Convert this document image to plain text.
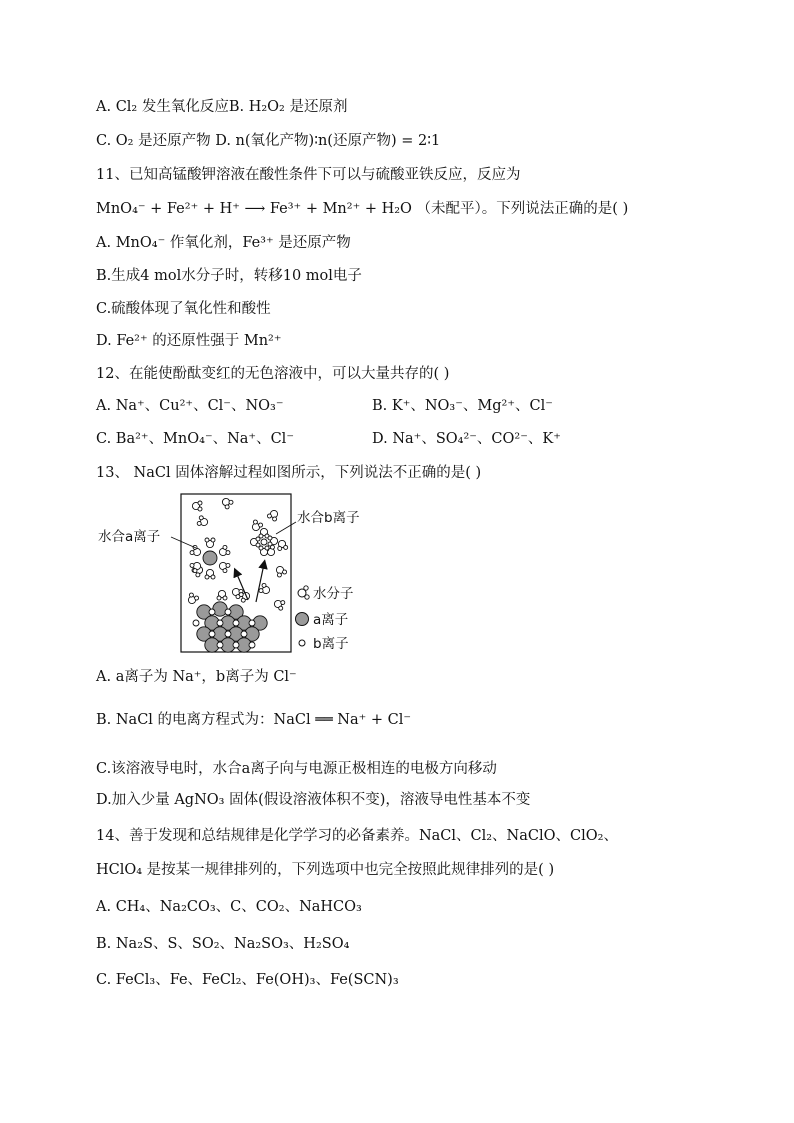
A. Cl₂ 发生氧化反应B. H₂O₂ 是还原剂
C. O₂ 是还原产物 D. n(氧化产物)∶n(还原产物) = 2∶1
11、已知高锰酸钾溶液在酸性条件下可以与硫酸亚铁反应，反应为
MnO₄⁻ + Fe²⁺ + H⁺ ⟶ Fe³⁺ + Mn²⁺ + H₂O （未配平）。下列说法正确的是( )
A. MnO₄⁻ 作氧化剂，Fe³⁺ 是还原产物
B.生成4 mol水分子时，转移10 mol电子
C.硫酸体现了氧化性和酸性
D. Fe²⁺ 的还原性强于 Mn²⁺
12、在能使酚酞变红的无色溶液中，可以大量共存的( )
A. Na⁺、Cu²⁺、Cl⁻、NO₃⁻	B. K⁺、NO₃⁻、Mg²⁺、Cl⁻
C. Ba²⁺、MnO₄⁻、Na⁺、Cl⁻	D. Na⁺、SO₄²⁻、CO²⁻、K⁺
13、 NaCl 固体溶解过程如图所示，下列说法不正确的是( )
A. a离子为 Na⁺，b离子为 Cl⁻
B. NaCl 的电离方程式为：NaCl ══ Na⁺ + Cl⁻
C.该溶液导电时，水合a离子向与电源正极相连的电极方向移动
D.加入少量 AgNO₃ 固体(假设溶液体积不变)，溶液导电性基本不变
14、善于发现和总结规律是化学学习的必备素养。NaCl、Cl₂、NaClO、ClO₂、
HClO₄ 是按某一规律排列的，下列选项中也完全按照此规律排列的是( )
A. CH₄、Na₂CO₃、C、CO₂、NaHCO₃
B. Na₂S、S、SO₂、Na₂SO₃、H₂SO₄
C. FeCl₃、Fe、FeCl₂、Fe(OH)₃、Fe(SCN)₃
水合a离子
水合b离子
水分子
a离子
b离子
